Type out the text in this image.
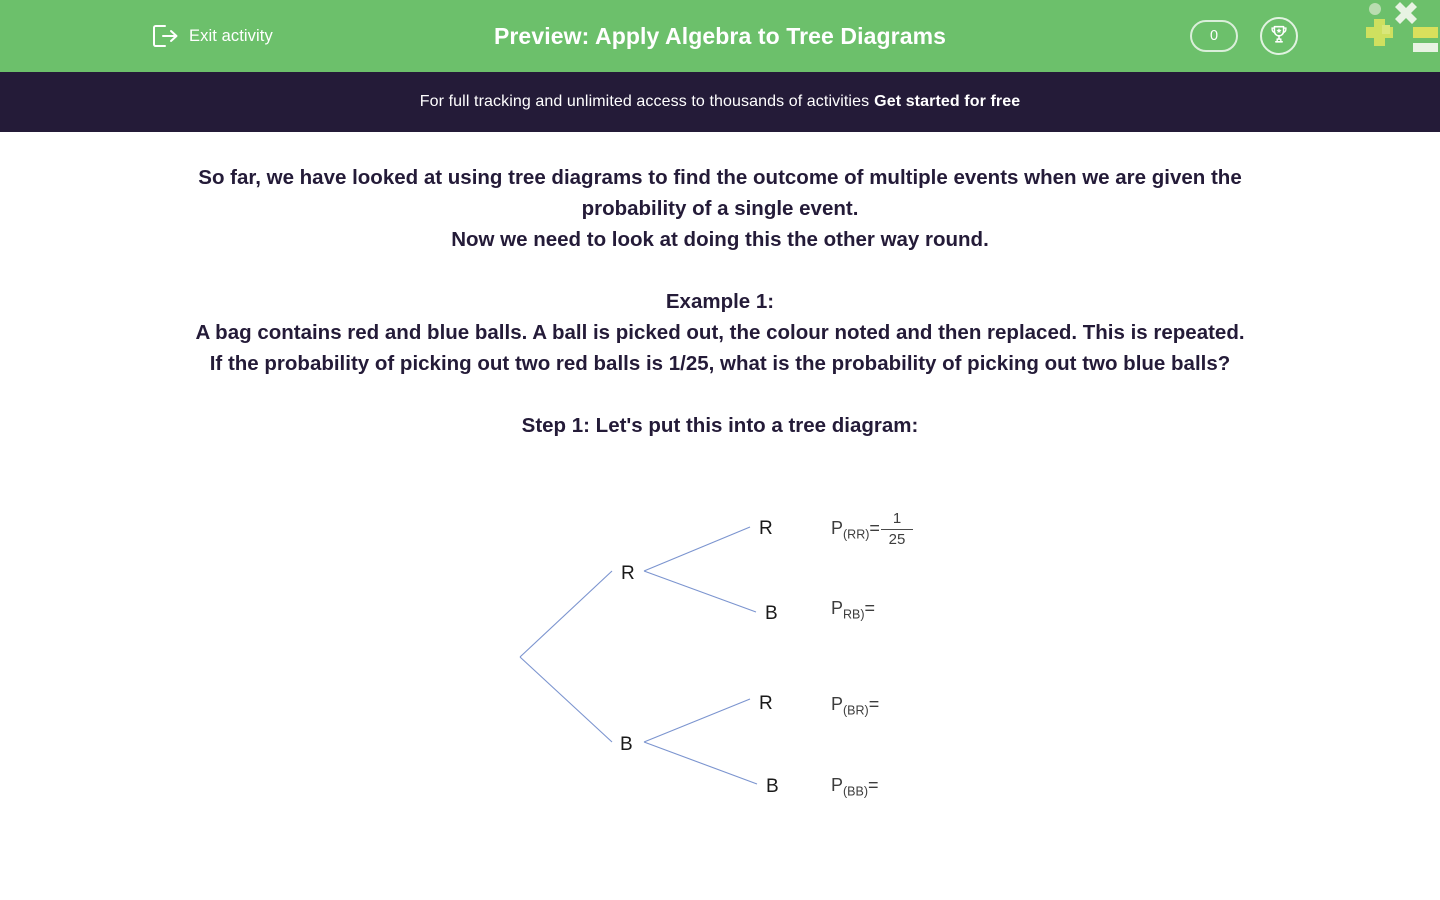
Exit activity	Preview: Apply Algebra to Tree Diagrams	0
For full tracking and unlimited access to thousands of activities Get started for free
So far, we have looked at using tree diagrams to find the outcome of multiple events when we are given the probability of a single event.
Now we need to look at doing this the other way round.
Example 1:
A bag contains red and blue balls. A ball is picked out, the colour noted and then replaced. This is repeated.
If the probability of picking out two red balls is 1/25, what is the probability of picking out two blue balls?
Step 1: Let's put this into a tree diagram:
R
B
R
B
R
B
$P_{(RR)}= 1$
25
$P_{RB)}=$
$P_{(BR)}=$
$P_{(BB)}=$
